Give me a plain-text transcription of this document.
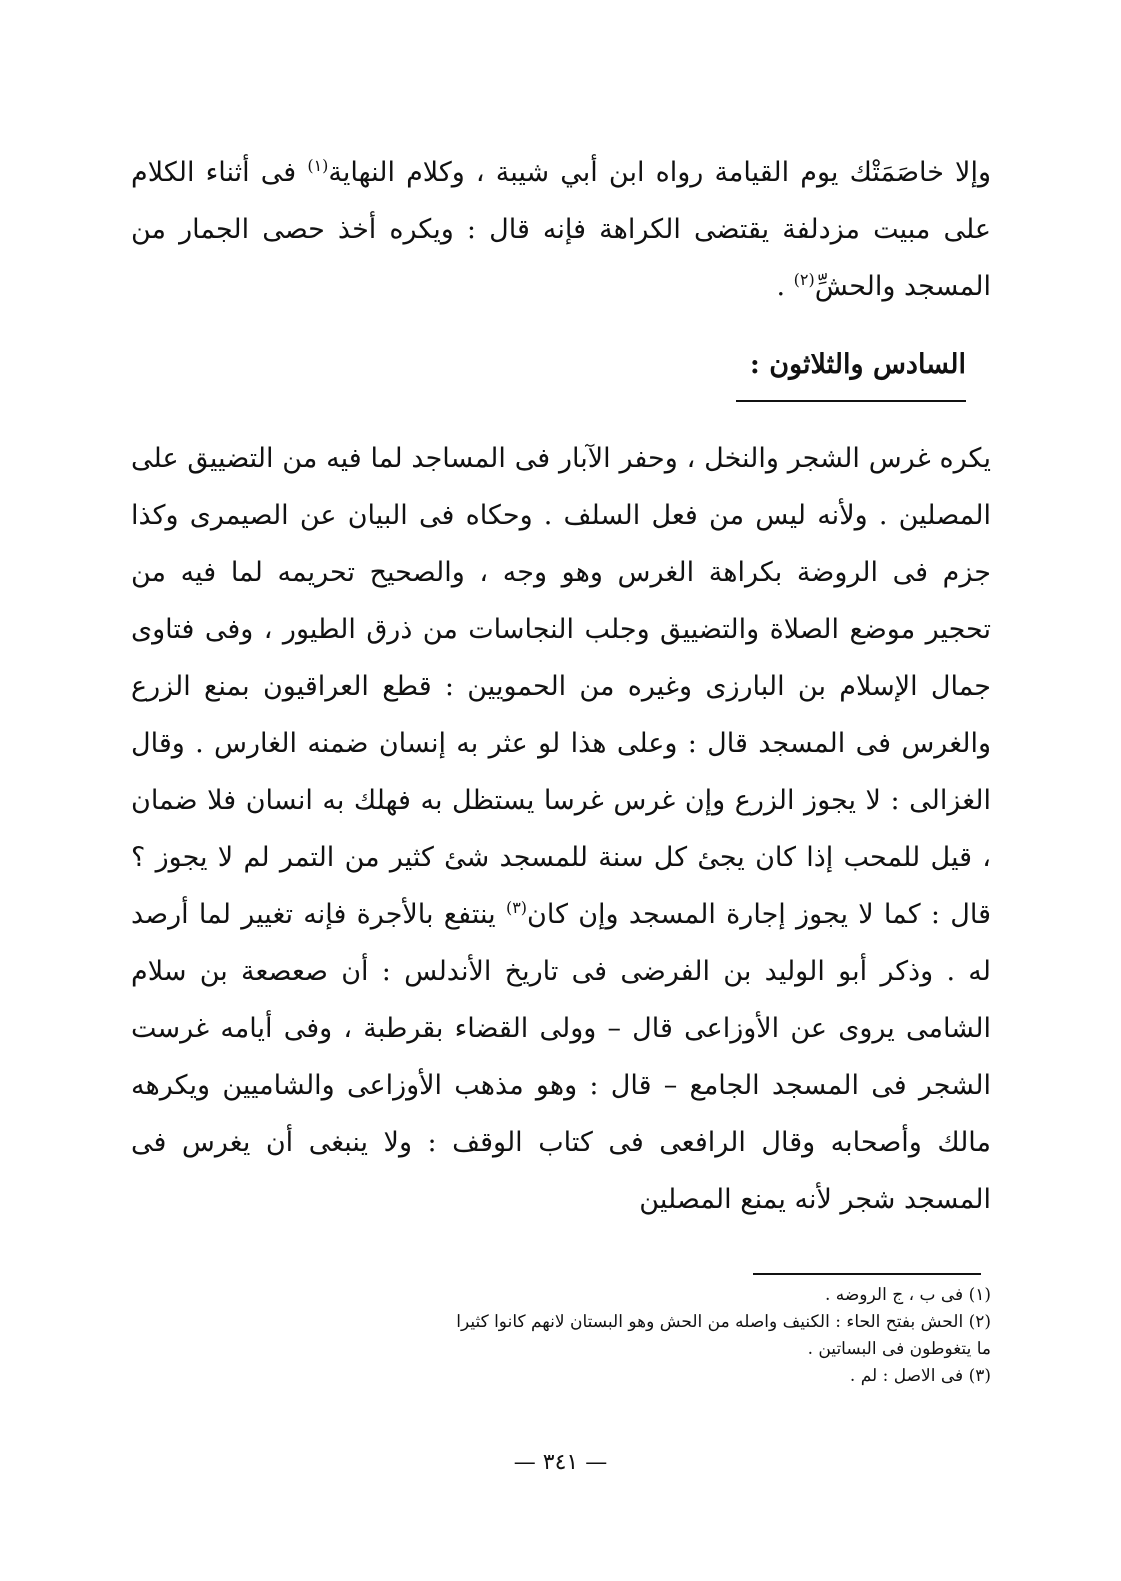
وإلا خاصَمَتْك يوم القيامة رواه ابن أبي شيبة ، وكلام النهاية$^{(١)}$ فى أثناء الكلام على مبيت مزدلفة يقتضى الكراهة فإنه قال : ويكره أخذ حصى الجمار من المسجد والحشِّ$^{(٢)}$ .

السادس والثلاثون :

يكره غرس الشجر والنخل ، وحفر الآبار فى المساجد لما فيه من التضييق على المصلين . ولأنه ليس من فعل السلف . وحكاه فى البيان عن الصيمرى وكذا جزم فى الروضة بكراهة الغرس وهو وجه ، والصحيح تحريمه لما فيه من تحجير موضع الصلاة والتضييق وجلب النجاسات من ذرق الطيور ، وفى فتاوى جمال الإسلام بن البارزى وغيره من الحمويين : قطع العراقيون بمنع الزرع والغرس فى المسجد قال : وعلى هذا لو عثر به إنسان ضمنه الغارس . وقال الغزالى : لا يجوز الزرع وإن غرس غرسا يستظل به فهلك به انسان فلا ضمان ، قيل للمحب إذا كان يجئ كل سنة للمسجد شئ كثير من التمر لم لا يجوز ؟ قال : كما لا يجوز إجارة المسجد وإن كان$^{(٣)}$ ينتفع بالأجرة فإنه تغيير لما أرصد له . وذكر أبو الوليد بن الفرضى فى تاريخ الأندلس : أن صعصعة بن سلام الشامى يروى عن الأوزاعى قال – وولى القضاء بقرطبة ، وفى أيامه غرست الشجر فى المسجد الجامع – قال : وهو مذهب الأوزاعى والشاميين ويكرهه مالك وأصحابه وقال الرافعى فى كتاب الوقف : ولا ينبغى أن يغرس فى المسجد شجر لأنه يمنع المصلين

(١) فى ب ، ج الروضه .
(٢) الحش بفتح الحاء : الكنيف واصله من الحش وهو البستان لانهم كانوا كثيرا
ما يتغوطون فى البساتين .
(٣) فى الاصل : لم .
— ٣٤١ —
